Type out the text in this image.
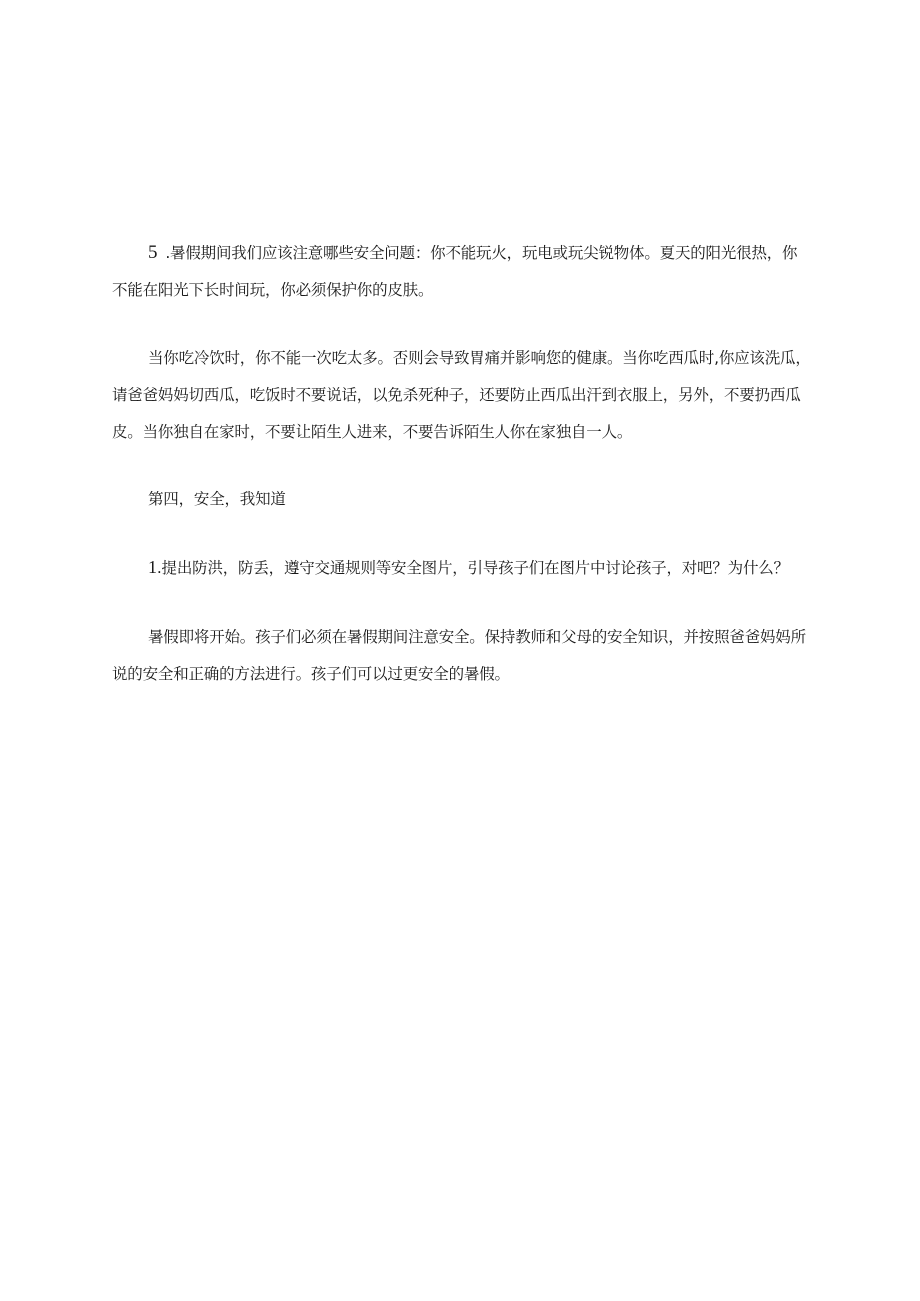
5 .暑假期间我们应该注意哪些安全问题：你不能玩火，玩电或玩尖锐物体。夏天的阳光很热，你不能在阳光下长时间玩，你必须保护你的皮肤。

当你吃冷饮时，你不能一次吃太多。否则会导致胃痛并影响您的健康。当你吃西瓜时,你应该洗瓜，请爸爸妈妈切西瓜，吃饭时不要说话，以免杀死种子，还要防止西瓜出汗到衣服上，另外，不要扔西瓜皮。当你独自在家时，不要让陌生人进来，不要告诉陌生人你在家独自一人。

第四，安全，我知道

1.提出防洪，防丢，遵守交通规则等安全图片，引导孩子们在图片中讨论孩子，对吧？为什么？

暑假即将开始。孩子们必须在暑假期间注意安全。保持教师和父母的安全知识，并按照爸爸妈妈所说的安全和正确的方法进行。孩子们可以过更安全的暑假。
